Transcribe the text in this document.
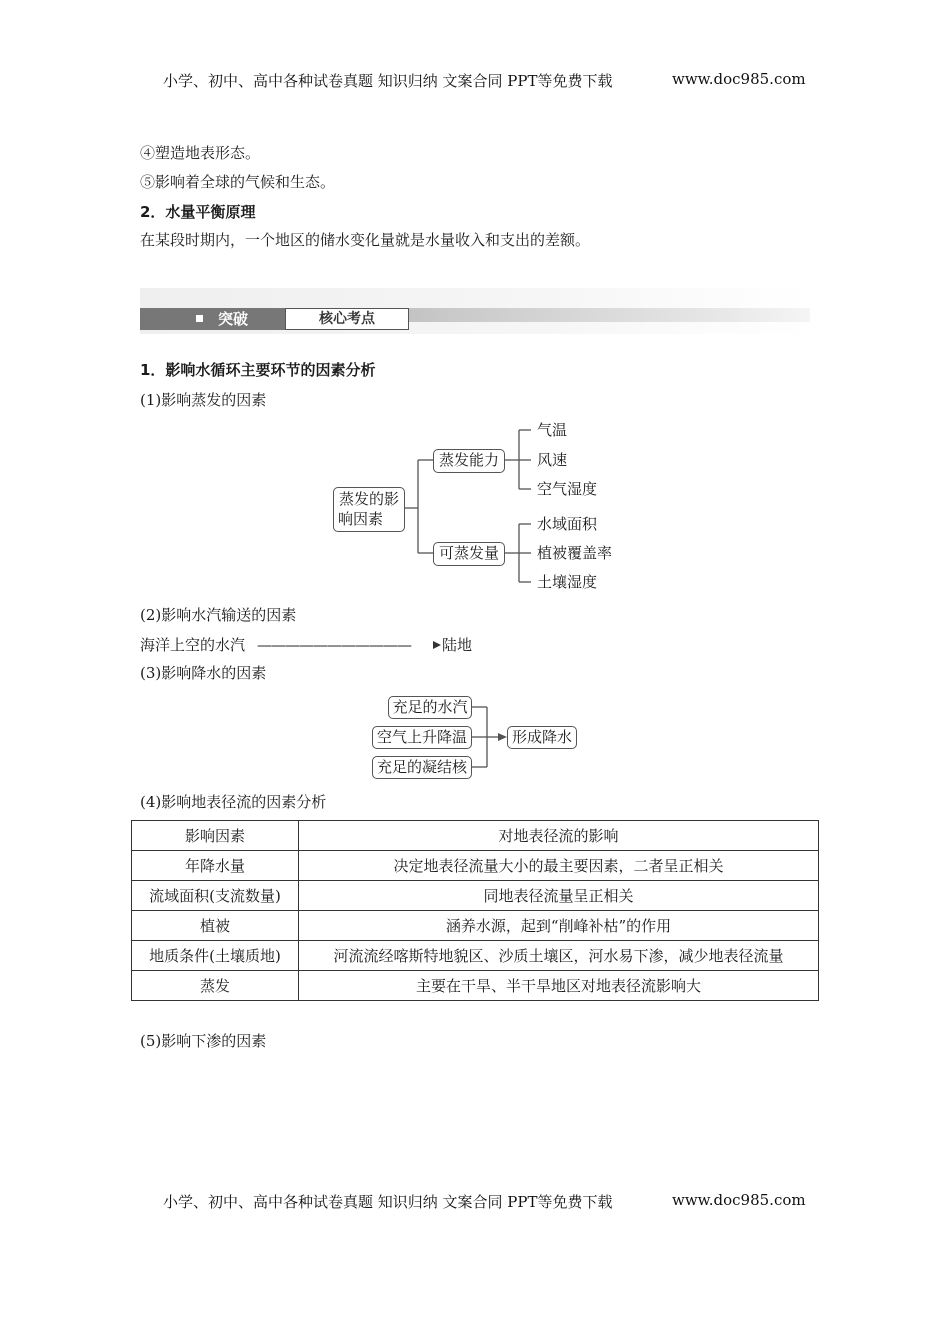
小学、初中、高中各种试卷真题 知识归纳 文案合同 PPT等免费下载	www.doc985.com
④塑造地表形态。
⑤影响着全球的气候和生态。
2．水量平衡原理
在某段时期内，一个地区的储水变化量就是水量收入和支出的差额。
突破	核心考点
1．影响水循环主要环节的因素分析
(1)影响蒸发的因素
蒸发的影
响因素
蒸发能力
可蒸发量
气温
风速
空气湿度
水域面积
植被覆盖率
土壤湿度
(2)影响水汽输送的因素
海洋上空的水汽 ——————————— 陆地
(3)影响降水的因素
充足的水汽
空气上升降温
充足的凝结核
形成降水
(4)影响地表径流的因素分析
影响因素	对地表径流的影响
年降水量	决定地表径流量大小的最主要因素，二者呈正相关
流域面积(支流数量)	同地表径流量呈正相关
植被	涵养水源，起到“削峰补枯”的作用
地质条件(土壤质地)	河流流经喀斯特地貌区、沙质土壤区，河水易下渗，减少地表径流量
蒸发	主要在干旱、半干旱地区对地表径流影响大
(5)影响下渗的因素
小学、初中、高中各种试卷真题 知识归纳 文案合同 PPT等免费下载	www.doc985.com
